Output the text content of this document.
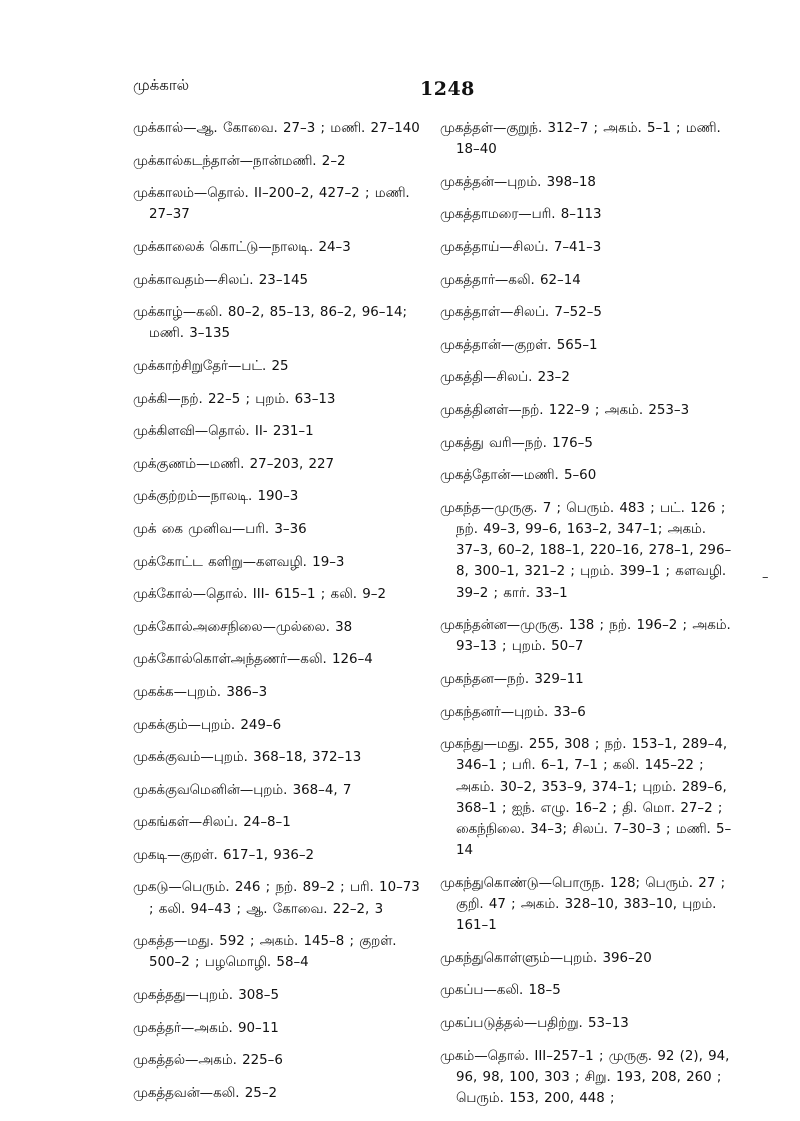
முக்கால்	1248
முக்கால்—ஆ. கோவை. 27–3 ; மணி. 27–140
முக்கால்கடந்தான்—நான்மணி. 2–2
முக்காலம்—தொல். II–200–2, 427–2 ; மணி. 27–37
முக்காலைக் கொட்டு—நாலடி. 24–3
முக்காவதம்—சிலப். 23–145
முக்காழ்—கலி. 80–2, 85–13, 86–2, 96–14; மணி. 3–135
முக்காற்சிறுதேர்—பட். 25
முக்கி—நற். 22–5 ; புறம். 63–13
முக்கிளவி—தொல். II- 231–1
முக்குணம்—மணி. 27–203, 227
முக்குற்றம்—நாலடி. 190–3
முக் கை முனிவ—பரி. 3–36
முக்கோட்ட களிறு—களவழி. 19–3
முக்கோல்—தொல். III- 615–1 ; கலி. 9–2
முக்கோல்அசைநிலை—முல்லை. 38
முக்கோல்கொள்அந்தணர்—கலி. 126–4
முகக்க—புறம். 386–3
முகக்கும்—புறம். 249–6
முகக்குவம்—புறம். 368–18, 372–13
முகக்குவமெனின்—புறம். 368–4, 7
முகங்கள்—சிலப். 24–8–1
முகடி—குறள். 617–1, 936–2
முகடு—பெரும். 246 ; நற். 89–2 ; பரி. 10–73 ; கலி. 94–43 ; ஆ. கோவை. 22–2, 3
முகத்த—மது. 592 ; அகம். 145–8 ; குறள். 500–2 ; பழமொழி. 58–4
முகத்தது—புறம். 308–5
முகத்தர்—அகம். 90–11
முகத்தல்—அகம். 225–6
முகத்தவன்—கலி. 25–2
முகத்தள்—குறுந். 312–7 ; அகம். 5–1 ; மணி. 18–40
முகத்தன்—புறம். 398–18
முகத்தாமரை—பரி. 8–113
முகத்தாய்—சிலப். 7–41–3
முகத்தார்—கலி. 62–14
முகத்தாள்—சிலப். 7–52–5
முகத்தான்—குறள். 565–1
முகத்தி—சிலப். 23–2
முகத்தினள்—நற். 122–9 ; அகம். 253–3
முகத்து வரி—நற். 176–5
முகத்தோன்—மணி. 5–60
முகந்த—முருகு. 7 ; பெரும். 483 ; பட். 126 ; நற். 49–3, 99–6, 163–2, 347–1; அகம். 37–3, 60–2, 188–1, 220–16, 278–1, 296–8, 300–1, 321–2 ; புறம். 399–1 ; களவழி. 39–2 ; கார். 33–1
முகந்தன்ன—முருகு. 138 ; நற். 196–2 ; அகம். 93–13 ; புறம். 50–7
முகந்தன—நற். 329–11
முகந்தனர்—புறம். 33–6
முகந்து—மது. 255, 308 ; நற். 153–1, 289–4, 346–1 ; பரி. 6–1, 7–1 ; கலி. 145–22 ; அகம். 30–2, 353–9, 374–1; புறம். 289–6, 368–1 ; ஐந். எழு. 16–2 ; தி. மொ. 27–2 ; கைந்நிலை. 34–3; சிலப். 7–30–3 ; மணி. 5–14
முகந்துகொண்டு—பொருந. 128; பெரும். 27 ; குறி. 47 ; அகம். 328–10, 383–10, புறம். 161–1
முகந்துகொள்ளும்—புறம். 396–20
முகப்ப—கலி. 18–5
முகப்படுத்தல்—பதிற்று. 53–13
முகம்—தொல். III–257–1 ; முருகு. 92 (2), 94, 96, 98, 100, 303 ; சிறு. 193, 208, 260 ; பெரும். 153, 200, 448 ;
–
